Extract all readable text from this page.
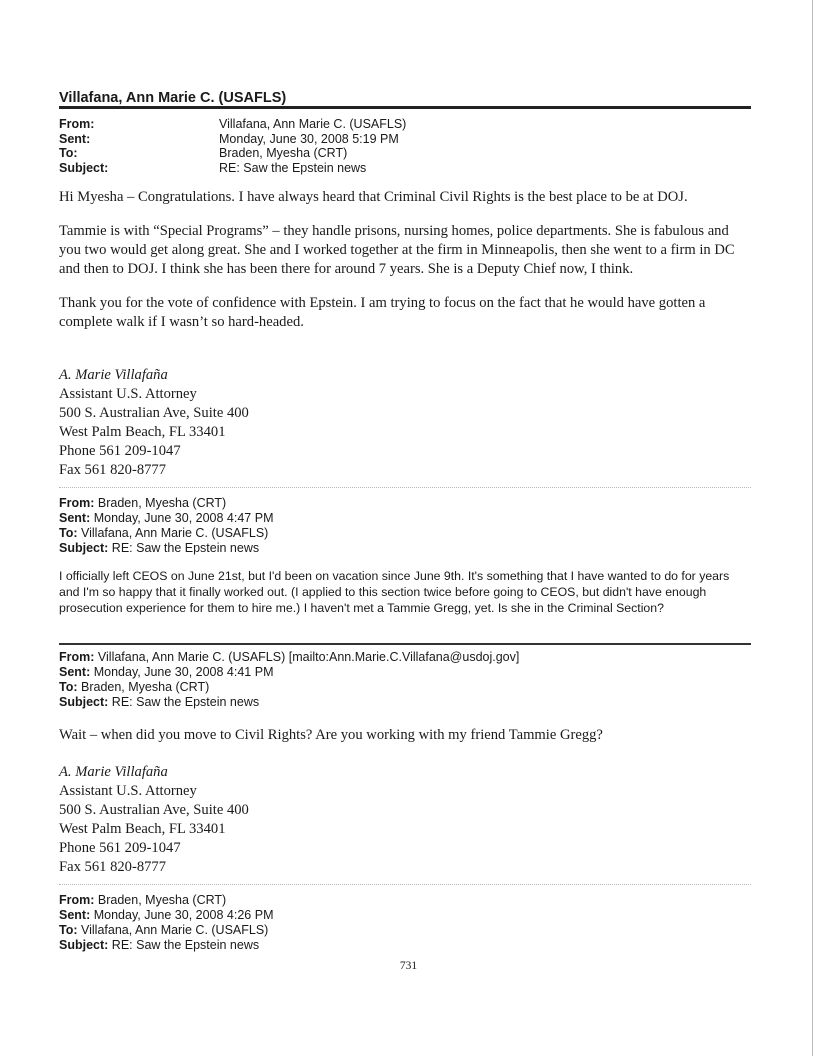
Villafana, Ann Marie C. (USAFLS)
From:	Villafana, Ann Marie C. (USAFLS)
Sent:	Monday, June 30, 2008 5:19 PM
To:	Braden, Myesha (CRT)
Subject:	RE: Saw the Epstein news

Hi Myesha – Congratulations. I have always heard that Criminal Civil Rights is the best place to be at DOJ.

Tammie is with “Special Programs” – they handle prisons, nursing homes, police departments. She is fabulous and you two would get along great. She and I worked together at the firm in Minneapolis, then she went to a firm in DC and then to DOJ. I think she has been there for around 7 years. She is a Deputy Chief now, I think.

Thank you for the vote of confidence with Epstein. I am trying to focus on the fact that he would have gotten a complete walk if I wasn’t so hard-headed.

A. Marie Villafaña
Assistant U.S. Attorney
500 S. Australian Ave, Suite 400
West Palm Beach, FL 33401
Phone 561 209-1047
Fax 561 820-8777
From: Braden, Myesha (CRT)
Sent: Monday, June 30, 2008 4:47 PM
To: Villafana, Ann Marie C. (USAFLS)
Subject: RE: Saw the Epstein news
I officially left CEOS on June 21st, but I'd been on vacation since June 9th. It's something that I have wanted to do for years and I'm so happy that it finally worked out. (I applied to this section twice before going to CEOS, but didn't have enough prosecution experience for them to hire me.) I haven't met a Tammie Gregg, yet. Is she in the Criminal Section?
From: Villafana, Ann Marie C. (USAFLS) [mailto:Ann.Marie.C.Villafana@usdoj.gov]
Sent: Monday, June 30, 2008 4:41 PM
To: Braden, Myesha (CRT)
Subject: RE: Saw the Epstein news

Wait – when did you move to Civil Rights? Are you working with my friend Tammie Gregg?

A. Marie Villafaña
Assistant U.S. Attorney
500 S. Australian Ave, Suite 400
West Palm Beach, FL 33401
Phone 561 209-1047
Fax 561 820-8777
From: Braden, Myesha (CRT)
Sent: Monday, June 30, 2008 4:26 PM
To: Villafana, Ann Marie C. (USAFLS)
Subject: RE: Saw the Epstein news
731
